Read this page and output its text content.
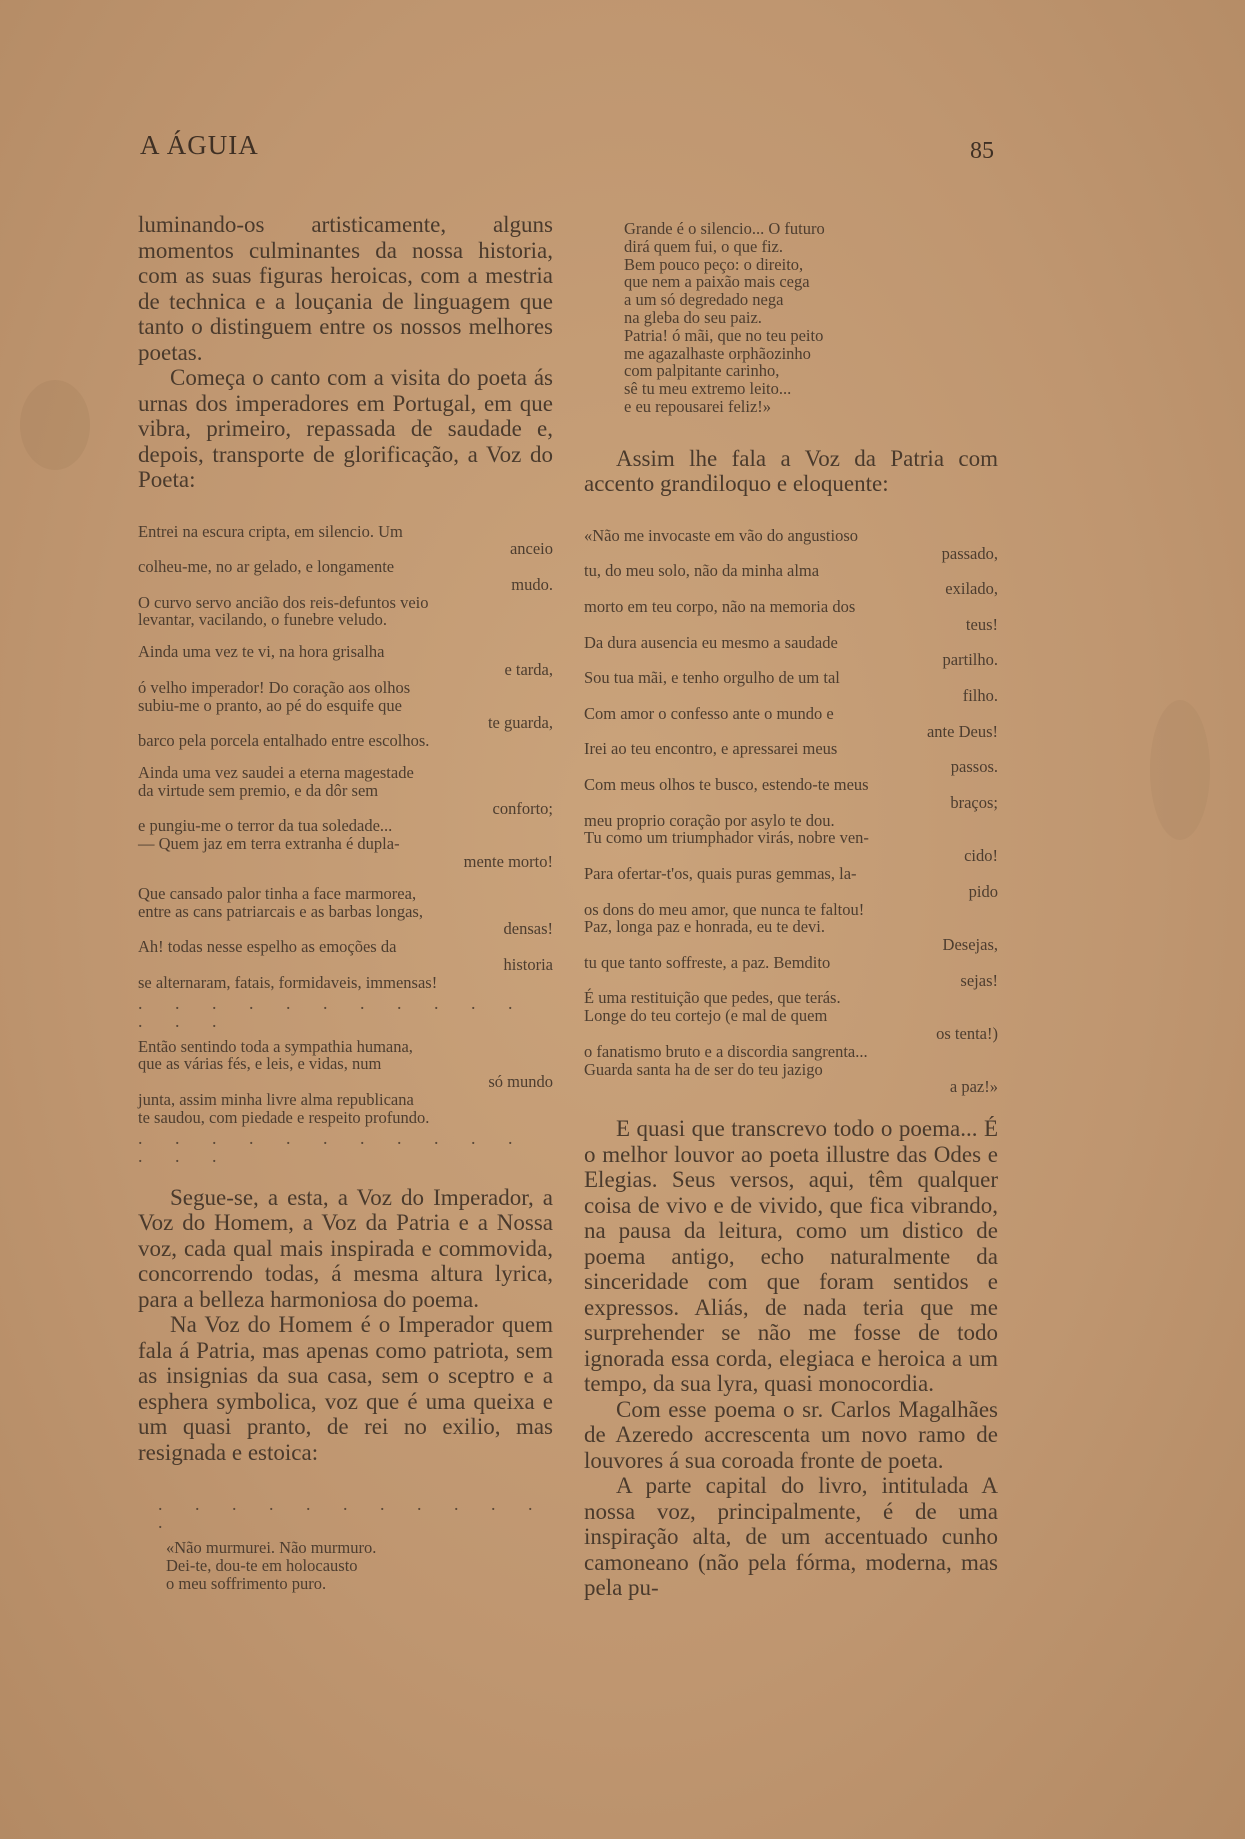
A ÁGUIA	85

luminando-os artisticamente, alguns momentos culminantes da nossa historia, com as suas figuras heroicas, com a mestria de technica e a louçania de linguagem que tanto o distinguem entre os nossos melhores poetas.

Começa o canto com a visita do poeta ás urnas dos imperadores em Portugal, em que vibra, primeiro, repassada de saudade e, depois, transporte de glorificação, a Voz do Poeta:

Entrei na escura cripta, em silencio. Um
anceio
colheu-me, no ar gelado, e longamente
mudo.
O curvo servo ancião dos reis-defuntos veio
levantar, vacilando, o funebre veludo.
Ainda uma vez te vi, na hora grisalha
e tarda,
ó velho imperador! Do coração aos olhos
subiu-me o pranto, ao pé do esquife que
te guarda,
barco pela porcela entalhado entre escolhos.
Ainda uma vez saudei a eterna magestade
da virtude sem premio, e da dôr sem
conforto;
e pungiu-me o terror da tua soledade...
— Quem jaz em terra extranha é dupla-
mente morto!
Que cansado palor tinha a face marmorea,
entre as cans patriarcais e as barbas longas,
densas!
Ah! todas nesse espelho as emoções da
historia
se alternaram, fatais, formidaveis, immensas!
. . . . . . . . . . . . . .
Então sentindo toda a sympathia humana,
que as várias fés, e leis, e vidas, num
só mundo
junta, assim minha livre alma republicana
te saudou, com piedade e respeito profundo.
. . . . . . . . . . . . . .

Segue-se, a esta, a Voz do Imperador, a Voz do Homem, a Voz da Patria e a Nossa voz, cada qual mais inspirada e commovida, concorrendo todas, á mesma altura lyrica, para a belleza harmoniosa do poema.

Na Voz do Homem é o Imperador quem fala á Patria, mas apenas como patriota, sem as insignias da sua casa, sem o sceptro e a esphera symbolica, voz que é uma queixa e um quasi pranto, de rei no exilio, mas resignada e estoica:

. . . . . . . . . . . .
«Não murmurei. Não murmuro.
Dei-te, dou-te em holocausto
o meu soffrimento puro.
Grande é o silencio... O futuro
dirá quem fui, o que fiz.
Bem pouco peço: o direito,
que nem a paixão mais cega
a um só degredado nega
na gleba do seu paiz.
Patria! ó mãi, que no teu peito
me agazalhaste orphãozinho
com palpitante carinho,
sê tu meu extremo leito...
e eu repousarei feliz!»

Assim lhe fala a Voz da Patria com accento grandiloquo e eloquente:

«Não me invocaste em vão do angustioso
passado,
tu, do meu solo, não da minha alma
exilado,
morto em teu corpo, não na memoria dos
teus!
Da dura ausencia eu mesmo a saudade
partilho.
Sou tua mãi, e tenho orgulho de um tal
filho.
Com amor o confesso ante o mundo e
ante Deus!
Irei ao teu encontro, e apressarei meus
passos.
Com meus olhos te busco, estendo-te meus
braços;
meu proprio coração por asylo te dou.
Tu como um triumphador virás, nobre ven-
cido!
Para ofertar-t'os, quais puras gemmas, la-
pido
os dons do meu amor, que nunca te faltou!
Paz, longa paz e honrada, eu te devi.
Desejas,
tu que tanto soffreste, a paz. Bemdito
sejas!
É uma restituição que pedes, que terás.
Longe do teu cortejo (e mal de quem
os tenta!)
o fanatismo bruto e a discordia sangrenta...
Guarda santa ha de ser do teu jazigo
a paz!»

E quasi que transcrevo todo o poema... É o melhor louvor ao poeta illustre das Odes e Elegias. Seus versos, aqui, têm qualquer coisa de vivo e de vivido, que fica vibrando, na pausa da leitura, como um distico de poema antigo, echo naturalmente da sinceridade com que foram sentidos e expressos. Aliás, de nada teria que me surprehender se não me fosse de todo ignorada essa corda, elegiaca e heroica a um tempo, da sua lyra, quasi monocordia.

Com esse poema o sr. Carlos Magalhães de Azeredo accrescenta um novo ramo de louvores á sua coroada fronte de poeta.

A parte capital do livro, intitulada A nossa voz, principalmente, é de uma inspiração alta, de um accentuado cunho camoneano (não pela fórma, moderna, mas pela pu-
